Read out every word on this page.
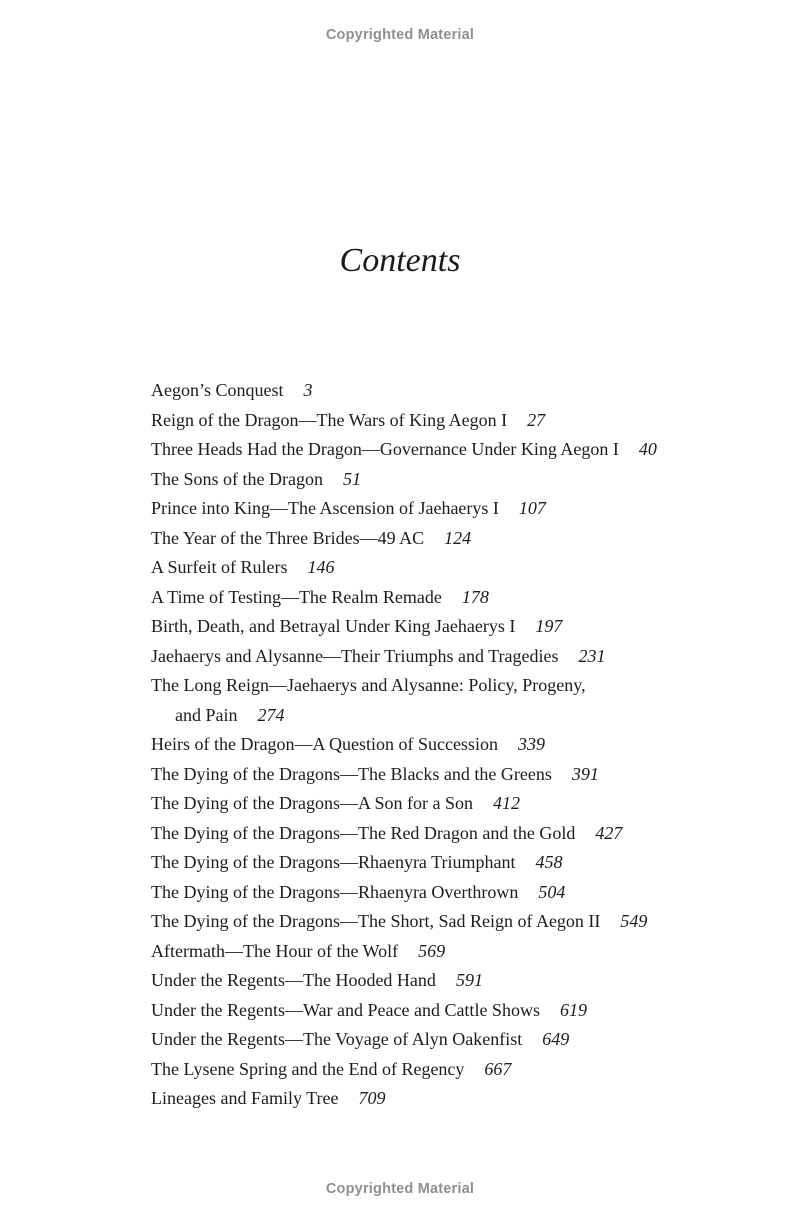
Copyrighted Material
Contents
Aegon’s Conquest 3
Reign of the Dragon—The Wars of King Aegon I 27
Three Heads Had the Dragon—Governance Under King Aegon I 40
The Sons of the Dragon 51
Prince into King—The Ascension of Jaehaerys I 107
The Year of the Three Brides—49 AC 124
A Surfeit of Rulers 146
A Time of Testing—The Realm Remade 178
Birth, Death, and Betrayal Under King Jaehaerys I 197
Jaehaerys and Alysanne—Their Triumphs and Tragedies 231
The Long Reign—Jaehaerys and Alysanne: Policy, Progeny,
and Pain 274
Heirs of the Dragon—A Question of Succession 339
The Dying of the Dragons—The Blacks and the Greens 391
The Dying of the Dragons—A Son for a Son 412
The Dying of the Dragons—The Red Dragon and the Gold 427
The Dying of the Dragons—Rhaenyra Triumphant 458
The Dying of the Dragons—Rhaenyra Overthrown 504
The Dying of the Dragons—The Short, Sad Reign of Aegon II 549
Aftermath—The Hour of the Wolf 569
Under the Regents—The Hooded Hand 591
Under the Regents—War and Peace and Cattle Shows 619
Under the Regents—The Voyage of Alyn Oakenfist 649
The Lysene Spring and the End of Regency 667
Lineages and Family Tree 709
Copyrighted Material
